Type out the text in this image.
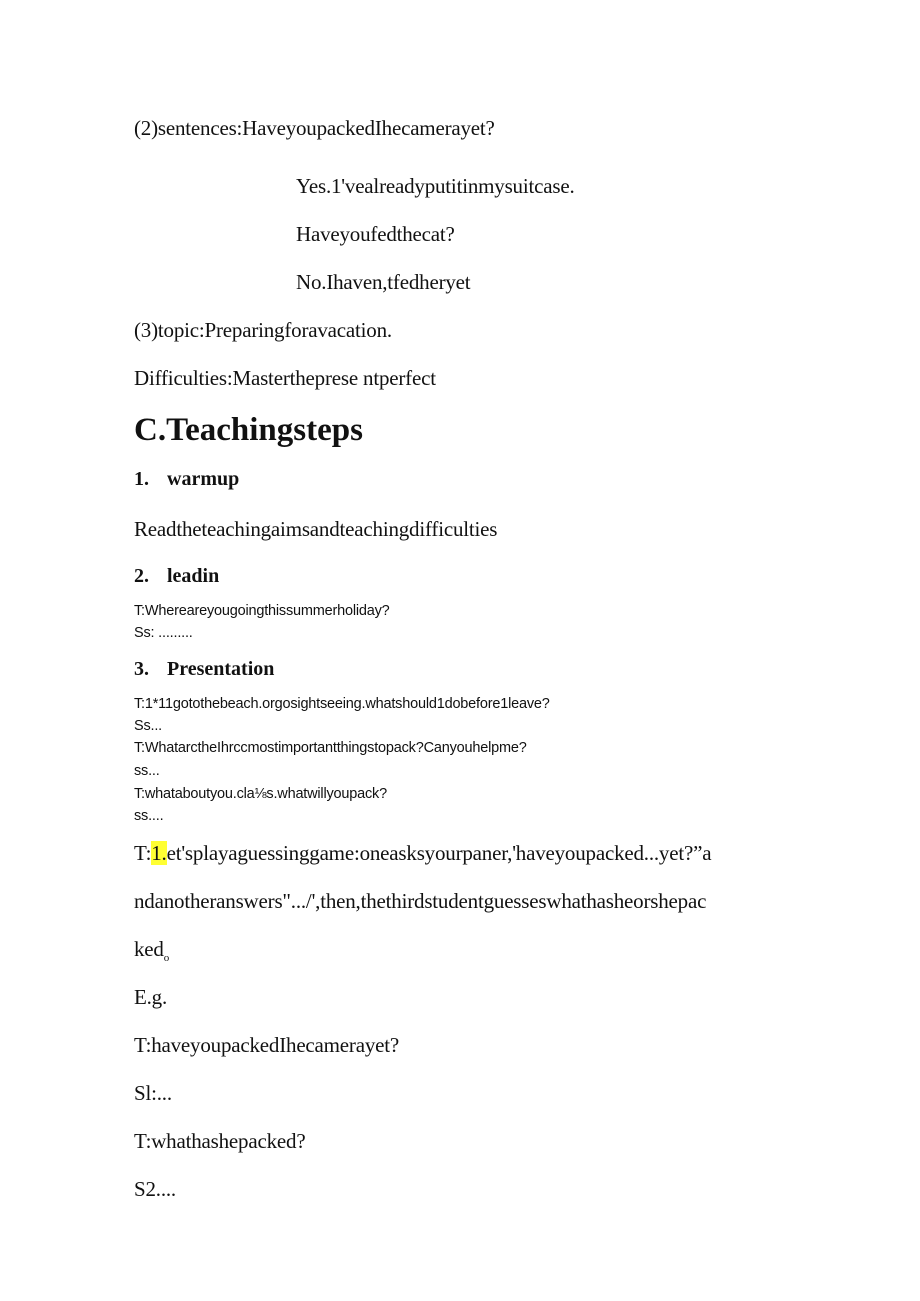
(2)sentences:HaveyoupackedIhecamerayet?
Yes.1'vealreadyputitinmysuitcase.
Haveyoufedthecat?
No.Ihaven,tfedheryet
(3)topic:Preparingforavacation.
Difficulties:Mastertheprese ntperfect
C.Teachingsteps
1. warmup
Readtheteachingaimsandteachingdifficulties
2. leadin
T:Whereareyougoingthissummerholiday?
Ss: .........
3. Presentation
T:1*11gotothebeach.orgosightseeing.whatshould1dobefore1leave?
Ss...
T:WhatarctheIhrccmostimportantthingstopack?Canyouhelpme?
ss...
T:whataboutyou.cla⅛s.whatwillyoupack?
ss....
T:1.et'splayaguessinggame:oneasksyourpaner,'haveyoupacked...yet?”a
ndanotheranswers".../',then,thethirdstudentguesseswhathasheorshepac
ked$_o$
E.g.
T:haveyoupackedIhecamerayet?
Sl:...
T:whathashepacked?
S2....
